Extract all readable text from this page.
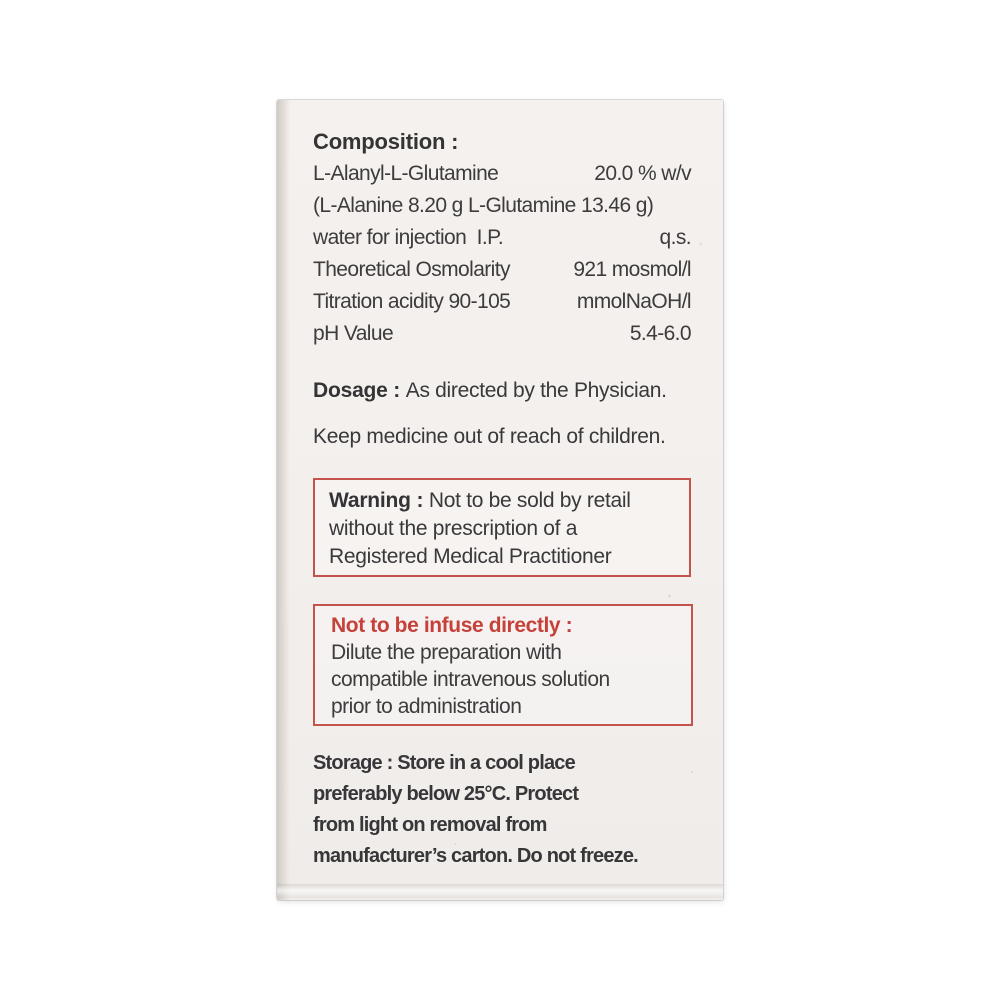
Composition :
L-Alanyl-L-Glutamine	20.0 % w/v
(L-Alanine 8.20 g L-Glutamine 13.46 g)
water for injection  I.P.	q.s.
Theoretical Osmolarity	921 mosmol/l
Titration acidity 90-105	mmolNaOH/l
pH Value	5.4-6.0
Dosage : As directed by the Physician.
Keep medicine out of reach of children.
Warning : Not to be sold by retail
without the prescription of a
Registered Medical Practitioner
Not to be infuse directly :
Dilute the preparation with
compatible intravenous solution
prior to administration
Storage : Store in a cool place
preferably below 25°C. Protect
from light on removal from
manufacturer’s carton. Do not freeze.
